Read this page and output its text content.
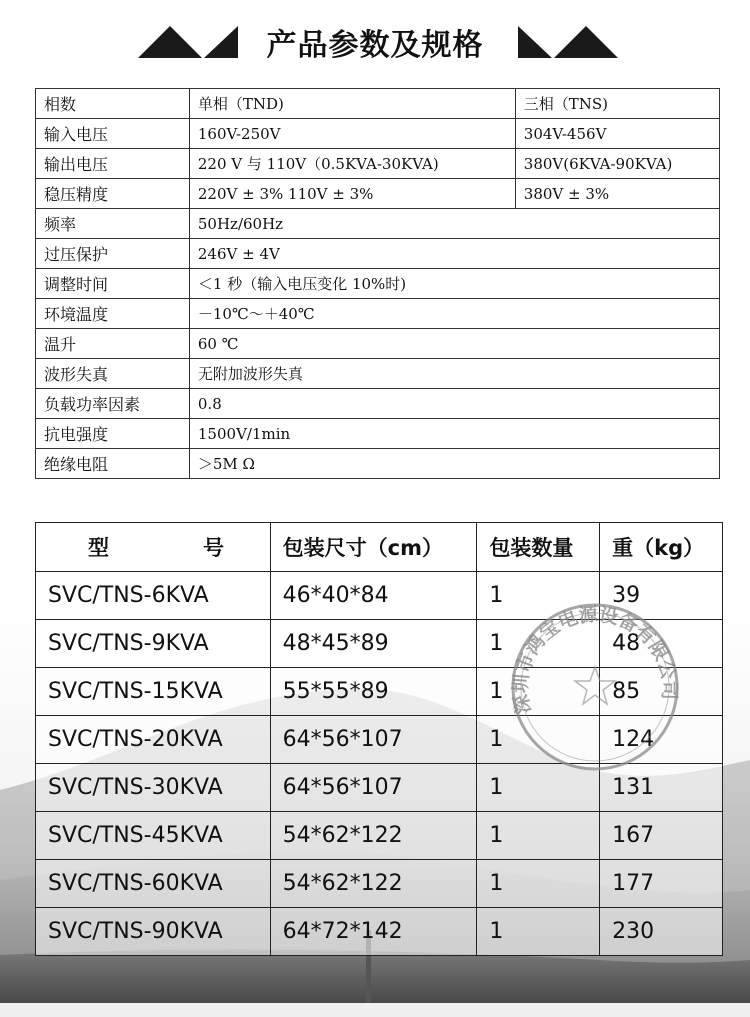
产品参数及规格
相数	单相（TND)	三相（TNS)
输入电压	160V-250V	304V-456V
输出电压	220 V 与 110V（0.5KVA-30KVA)	380V(6KVA-90KVA)
稳压精度	220V ± 3% 110V ± 3%	380V ± 3%
频率	50Hz/60Hz	
过压保护	246V ± 4V	
调整时间	＜1 秒（输入电压变化 10%时)	
环境温度	－10℃～＋40℃	
温升	60 ℃	
波形失真	无附加波形失真	
负载功率因素	0.8	
抗电强度	1500V/1min	
绝缘电阻	＞5M Ω	
型 号	包装尺寸（cm）	包装数量	重（kg）
SVC/TNS-6KVA	46*40*84	1	39
SVC/TNS-9KVA	48*45*89	1	48
SVC/TNS-15KVA	55*55*89	1	85
SVC/TNS-20KVA	64*56*107	1	124
SVC/TNS-30KVA	64*56*107	1	131
SVC/TNS-45KVA	54*62*122	1	167
SVC/TNS-60KVA	54*62*122	1	177
SVC/TNS-90KVA	64*72*142	1	230
深圳市鸿宝电源设备有限公司
